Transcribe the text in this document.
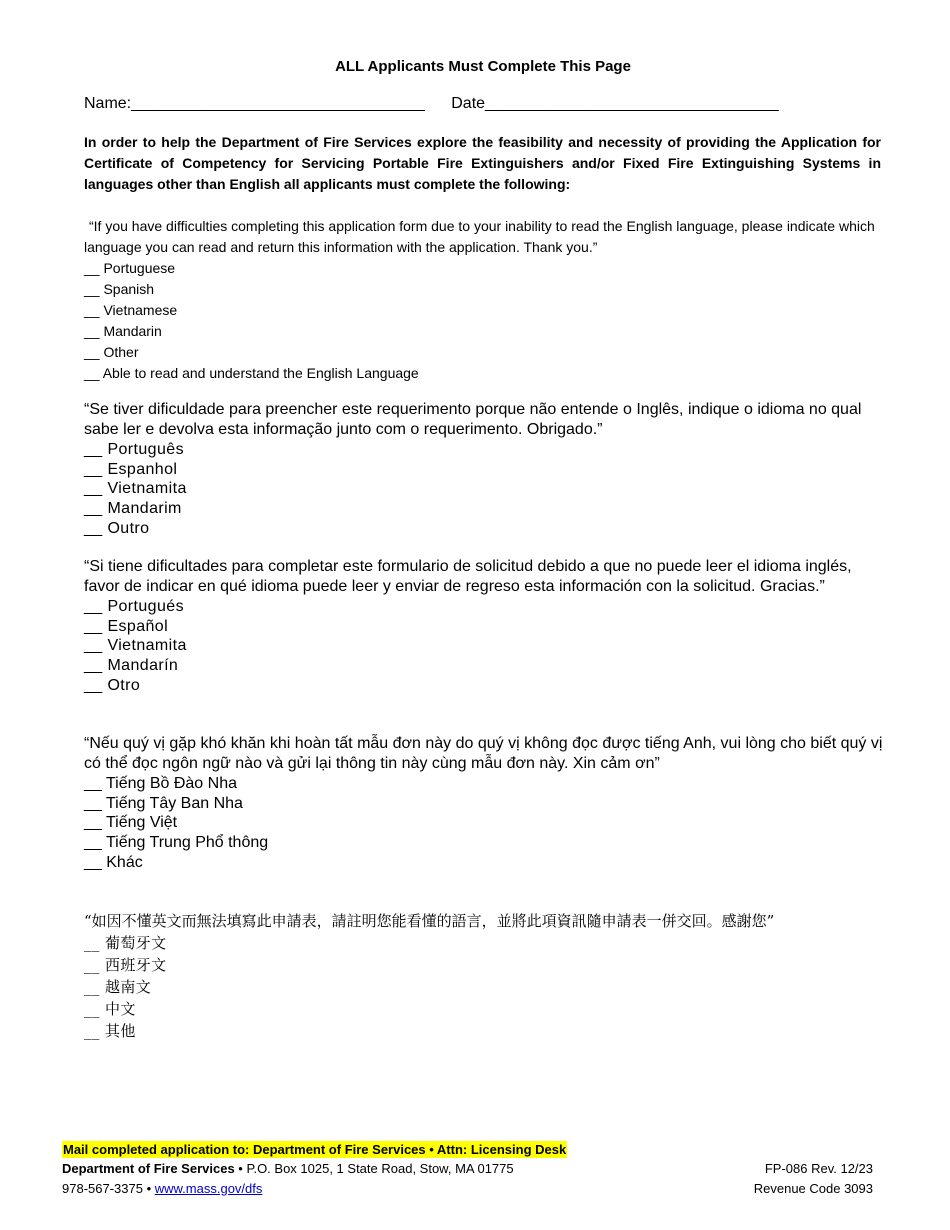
ALL Applicants Must Complete This Page
Name:_________________________________ Date_________________________________
In order to help the Department of Fire Services explore the feasibility and necessity of providing the Application for Certificate of Competency for Servicing Portable Fire Extinguishers and/or Fixed Fire Extinguishing Systems in languages other than English all applicants must complete the following:
“If you have difficulties completing this application form due to your inability to read the English language, please indicate which language you can read and return this information with the application. Thank you.”
__ Portuguese
__ Spanish
__ Vietnamese
__ Mandarin
__ Other
__ Able to read and understand the English Language
“Se tiver dificuldade para preencher este requerimento porque não entende o Inglês, indique o idioma no qual sabe ler e devolva esta informação junto com o requerimento. Obrigado.”
__ Português
__ Espanhol
__ Vietnamita
__ Mandarim
__ Outro
“Si tiene dificultades para completar este formulario de solicitud debido a que no puede leer el idioma inglés, favor de indicar en qué idioma puede leer y enviar de regreso esta información con la solicitud. Gracias.”
__ Portugués
__ Español
__ Vietnamita
__ Mandarín
__ Otro
“Nếu quý vị gặp khó khăn khi hoàn tất mẫu đơn này do quý vị không đọc được tiếng Anh, vui lòng cho biết quý vị có thể đọc ngôn ngữ nào và gửi lại thông tin này cùng mẫu đơn này. Xin cảm ơn”
__ Tiếng Bồ Đào Nha
__ Tiếng Tây Ban Nha
__ Tiếng Việt
__ Tiếng Trung Phổ thông
__ Khác
“如因不懂英文而無法填寫此申請表，請註明您能看懂的語言，並將此項資訊隨申請表一併交回。感謝您”
__ 葡萄牙文
__ 西班牙文
__ 越南文
__ 中文
__ 其他
Mail completed application to: Department of Fire Services • Attn: Licensing Desk
Department of Fire Services • P.O. Box 1025, 1 State Road, Stow, MA 01775
978-567-3375 • www.mass.gov/dfs
FP-086 Rev. 12/23
Revenue Code 3093
